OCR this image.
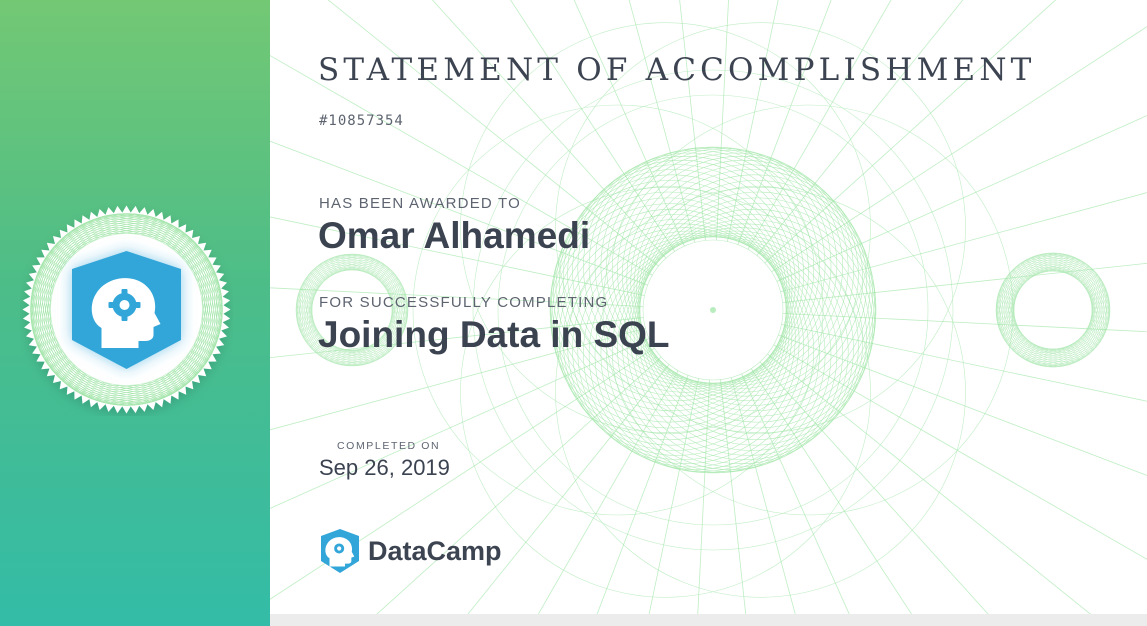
STATEMENT OF ACCOMPLISHMENT
#10857354
HAS BEEN AWARDED TO
Omar Alhamedi
FOR SUCCESSFULLY COMPLETING
Joining Data in SQL
COMPLETED ON
Sep 26, 2019
DataCamp
